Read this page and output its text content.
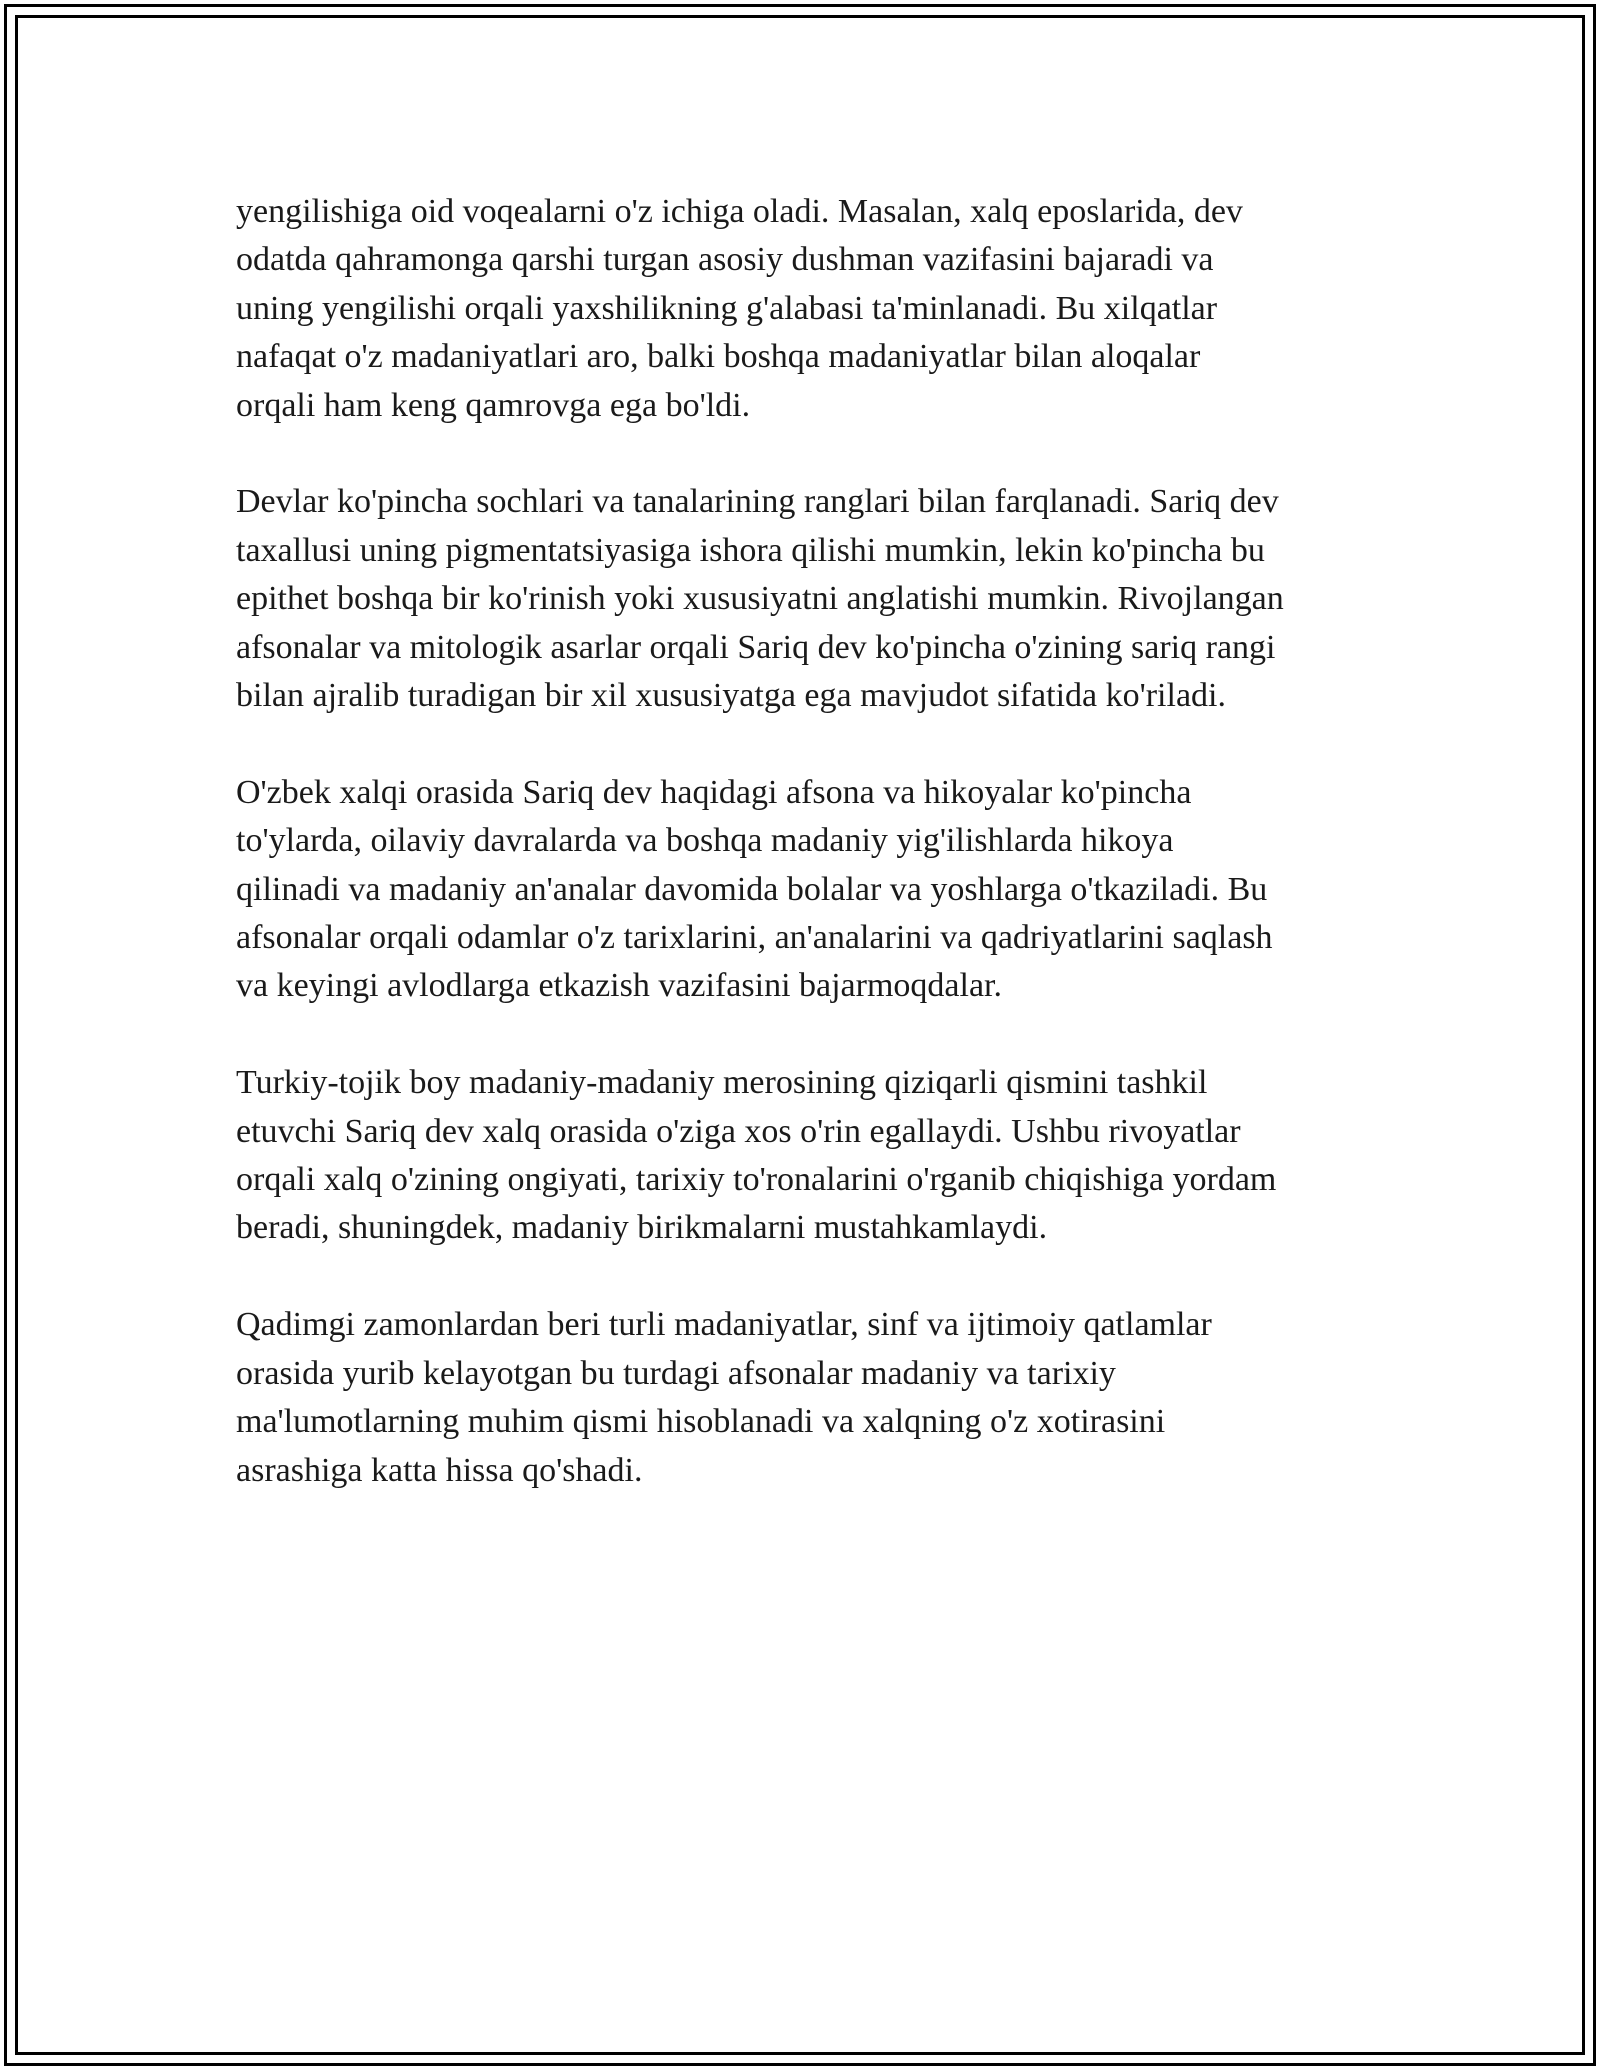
yengilishiga oid voqealarni o'z ichiga oladi. Masalan, xalq eposlarida, dev
odatda qahramonga qarshi turgan asosiy dushman vazifasini bajaradi va
uning yengilishi orqali yaxshilikning g'alabasi ta'minlanadi. Bu xilqatlar
nafaqat o'z madaniyatlari aro, balki boshqa madaniyatlar bilan aloqalar
orqali ham keng qamrovga ega bo'ldi.

Devlar ko'pincha sochlari va tanalarining ranglari bilan farqlanadi. Sariq dev
taxallusi uning pigmentatsiyasiga ishora qilishi mumkin, lekin ko'pincha bu
epithet boshqa bir ko'rinish yoki xususiyatni anglatishi mumkin. Rivojlangan
afsonalar va mitologik asarlar orqali Sariq dev ko'pincha o'zining sariq rangi
bilan ajralib turadigan bir xil xususiyatga ega mavjudot sifatida ko'riladi.

O'zbek xalqi orasida Sariq dev haqidagi afsona va hikoyalar ko'pincha
to'ylarda, oilaviy davralarda va boshqa madaniy yig'ilishlarda hikoya
qilinadi va madaniy an'analar davomida bolalar va yoshlarga o'tkaziladi. Bu
afsonalar orqali odamlar o'z tarixlarini, an'analarini va qadriyatlarini saqlash
va keyingi avlodlarga etkazish vazifasini bajarmoqdalar.

Turkiy-tojik boy madaniy-madaniy merosining qiziqarli qismini tashkil
etuvchi Sariq dev xalq orasida o'ziga xos o'rin egallaydi. Ushbu rivoyatlar
orqali xalq o'zining ongiyati, tarixiy to'ronalarini o'rganib chiqishiga yordam
beradi, shuningdek, madaniy birikmalarni mustahkamlaydi.

Qadimgi zamonlardan beri turli madaniyatlar, sinf va ijtimoiy qatlamlar
orasida yurib kelayotgan bu turdagi afsonalar madaniy va tarixiy
ma'lumotlarning muhim qismi hisoblanadi va xalqning o'z xotirasini
asrashiga katta hissa qo'shadi.
